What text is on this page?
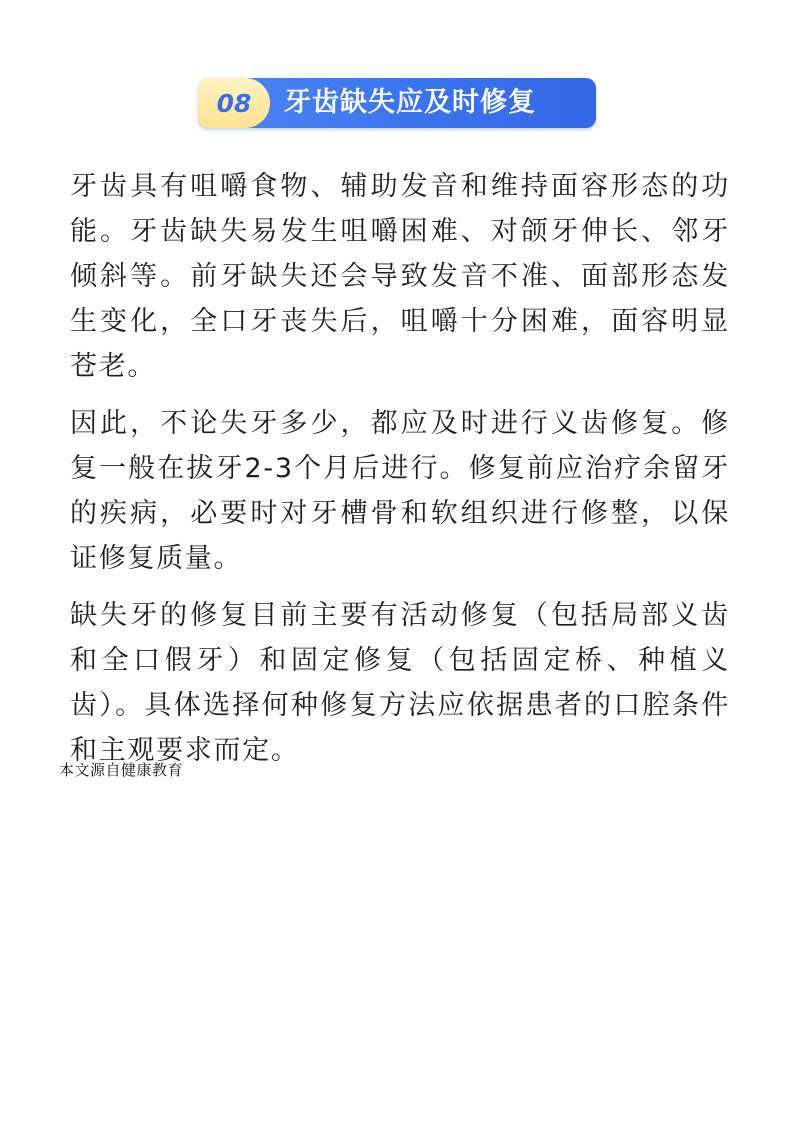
08 牙齿缺失应及时修复

牙齿具有咀嚼食物、辅助发音和维持面容形态的功能。牙齿缺失易发生咀嚼困难、对颌牙伸长、邻牙倾斜等。前牙缺失还会导致发音不准、面部形态发生变化，全口牙丧失后，咀嚼十分困难，面容明显苍老。

因此，不论失牙多少，都应及时进行义齿修复。修复一般在拔牙2-3个月后进行。修复前应治疗余留牙的疾病，必要时对牙槽骨和软组织进行修整，以保证修复质量。

缺失牙的修复目前主要有活动修复（包括局部义齿和全口假牙）和固定修复（包括固定桥、种植义齿）。具体选择何种修复方法应依据患者的口腔条件和主观要求而定。

本文源自健康教育
